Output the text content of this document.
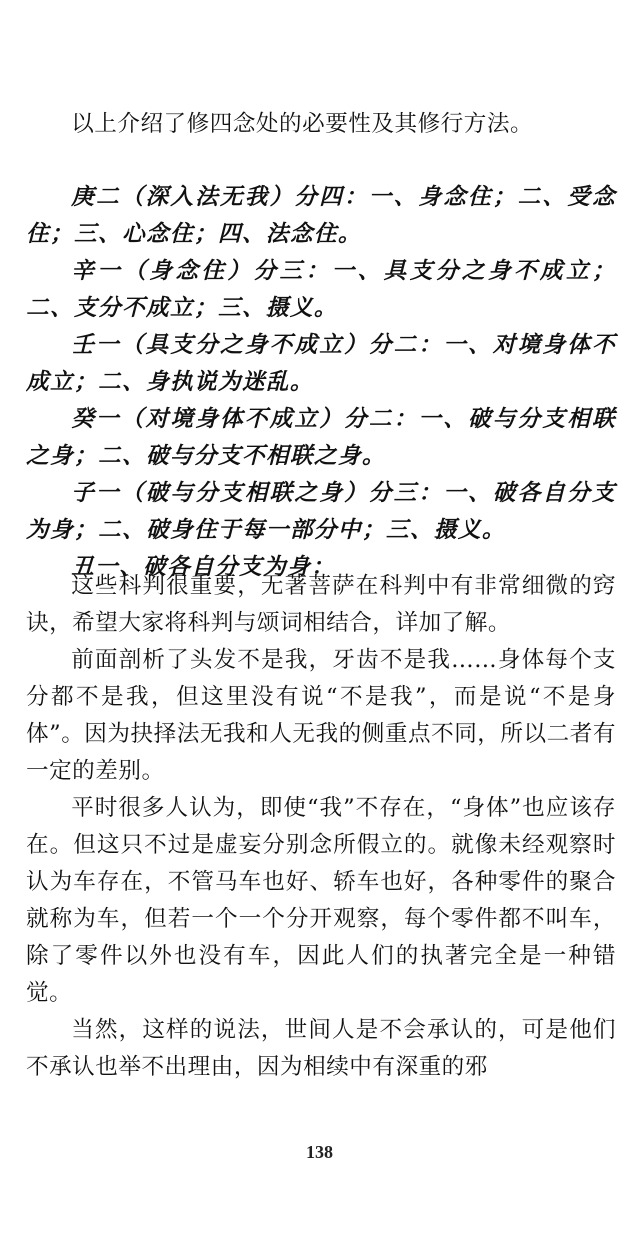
以上介绍了修四念处的必要性及其修行方法。

庚二（深入法无我）分四：一、身念住；二、受念住；三、心念住；四、法念住。

辛一（身念住）分三：一、具支分之身不成立；二、支分不成立；三、摄义。

壬一（具支分之身不成立）分二：一、对境身体不成立；二、身执说为迷乱。

癸一（对境身体不成立）分二：一、破与分支相联之身；二、破与分支不相联之身。

子一（破与分支相联之身）分三：一、破各自分支为身；二、破身住于每一部分中；三、摄义。

丑一、破各自分支为身：

这些科判很重要，无著菩萨在科判中有非常细微的窍诀，希望大家将科判与颂词相结合，详加了解。

前面剖析了头发不是我，牙齿不是我……身体每个支分都不是我，但这里没有说“不是我”，而是说“不是身体”。因为抉择法无我和人无我的侧重点不同，所以二者有一定的差别。

平时很多人认为，即使“我”不存在，“身体”也应该存在。但这只不过是虚妄分别念所假立的。就像未经观察时认为车存在，不管马车也好、轿车也好，各种零件的聚合就称为车，但若一个一个分开观察，每个零件都不叫车，除了零件以外也没有车，因此人们的执著完全是一种错觉。

当然，这样的说法，世间人是不会承认的，可是他们不承认也举不出理由，因为相续中有深重的邪

138
